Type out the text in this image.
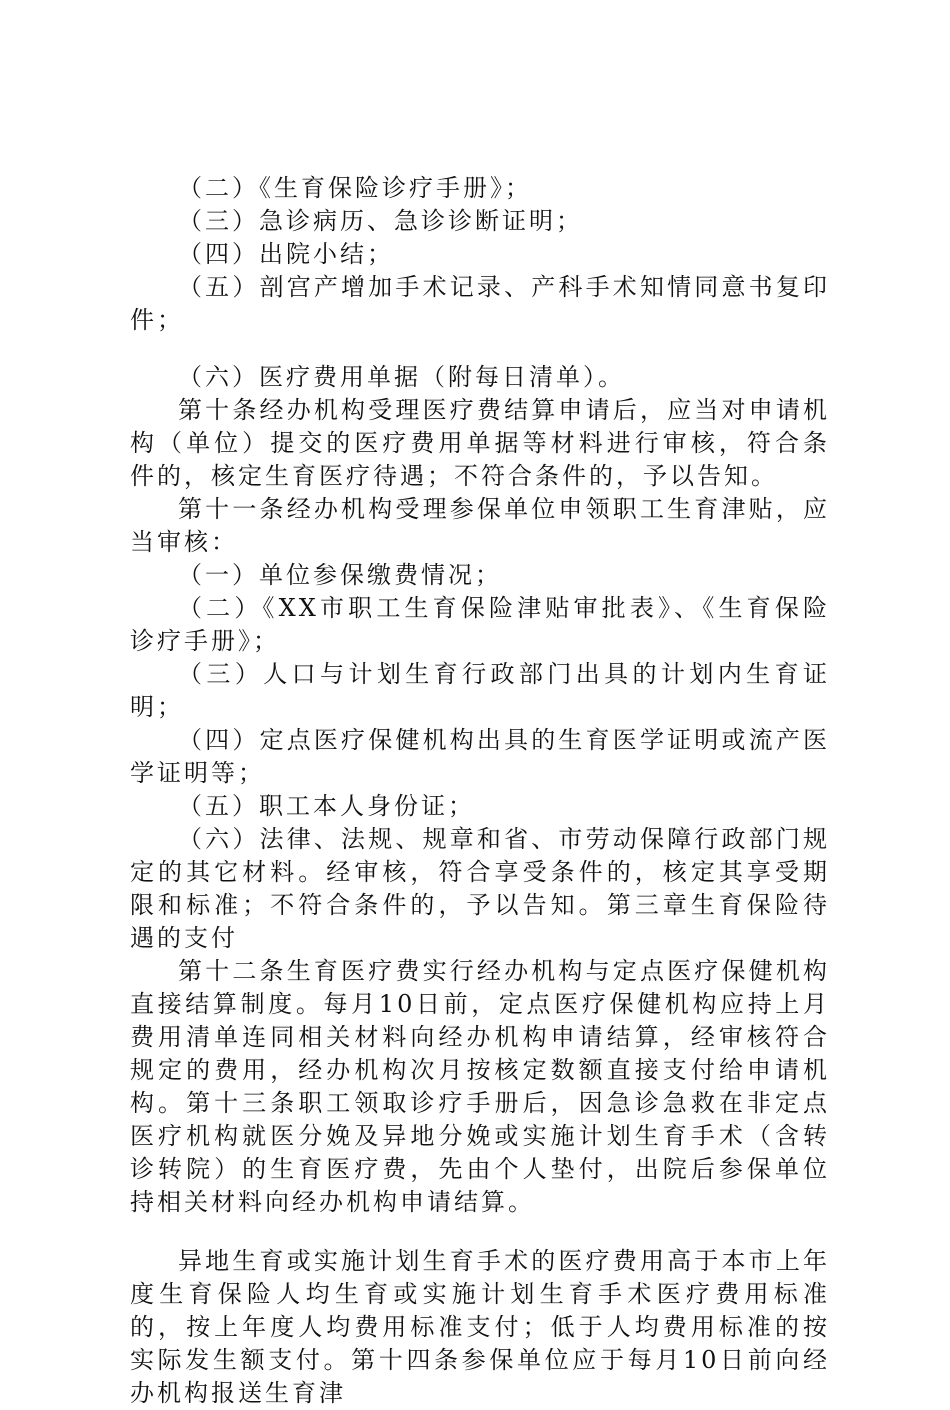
（二）《生育保险诊疗手册》；

（三）急诊病历、急诊诊断证明；

（四）出院小结；

（五）剖宫产增加手术记录、产科手术知情同意书复印件；

（六）医疗费用单据（附每日清单）。

第十条经办机构受理医疗费结算申请后，应当对申请机构（单位）提交的医疗费用单据等材料进行审核，符合条件的，核定生育医疗待遇；不符合条件的，予以告知。

第十一条经办机构受理参保单位申领职工生育津贴，应当审核：

（一）单位参保缴费情况；

（二）《XX市职工生育保险津贴审批表》、《生育保险诊疗手册》；

（三）人口与计划生育行政部门出具的计划内生育证明；

（四）定点医疗保健机构出具的生育医学证明或流产医学证明等；

（五）职工本人身份证；

（六）法律、法规、规章和省、市劳动保障行政部门规定的其它材料。经审核，符合享受条件的，核定其享受期限和标准；不符合条件的，予以告知。第三章生育保险待遇的支付

第十二条生育医疗费实行经办机构与定点医疗保健机构直接结算制度。每月10日前，定点医疗保健机构应持上月费用清单连同相关材料向经办机构申请结算，经审核符合规定的费用，经办机构次月按核定数额直接支付给申请机构。第十三条职工领取诊疗手册后，因急诊急救在非定点医疗机构就医分娩及异地分娩或实施计划生育手术（含转诊转院）的生育医疗费，先由个人垫付，出院后参保单位持相关材料向经办机构申请结算。

异地生育或实施计划生育手术的医疗费用高于本市上年度生育保险人均生育或实施计划生育手术医疗费用标准的，按上年度人均费用标准支付；低于人均费用标准的按实际发生额支付。第十四条参保单位应于每月10日前向经办机构报送生育津
